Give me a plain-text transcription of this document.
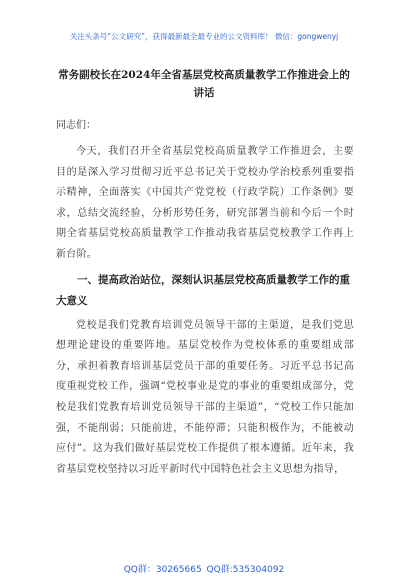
关注头条号“公文研究”，获得最新最全最专业的公文资料库！ 微信：gongwenyj
常务副校长在2024年全省基层党校高质量教学工作推进会上的讲话

同志们：

今天，我们召开全省基层党校高质量教学工作推进会，主要目的是深入学习贯彻习近平总书记关于党校办学治校系列重要指示精神，全面落实《中国共产党党校（行政学院）工作条例》要求，总结交流经验，分析形势任务，研究部署当前和今后一个时期全省基层党校高质量教学工作推动我省基层党校教学工作再上新台阶。

一、提高政治站位，深刻认识基层党校高质量教学工作的重大意义

党校是我们党教育培训党员领导干部的主渠道，是我们党思想理论建设的重要阵地。基层党校作为党校体系的重要组成部分，承担着教育培训基层党员干部的重要任务。习近平总书记高度重视党校工作，强调“党校事业是党的事业的重要组成部分，党校是我们党教育培训党员领导干部的主渠道”，“党校工作只能加强，不能削弱；只能前进，不能停滞；只能积极作为，不能被动应付”。这为我们做好基层党校工作提供了根本遵循。近年来，我省基层党校坚持以习近平新时代中国特色社会主义思想为指导，

QQ群：30265665 QQ群:535304092
